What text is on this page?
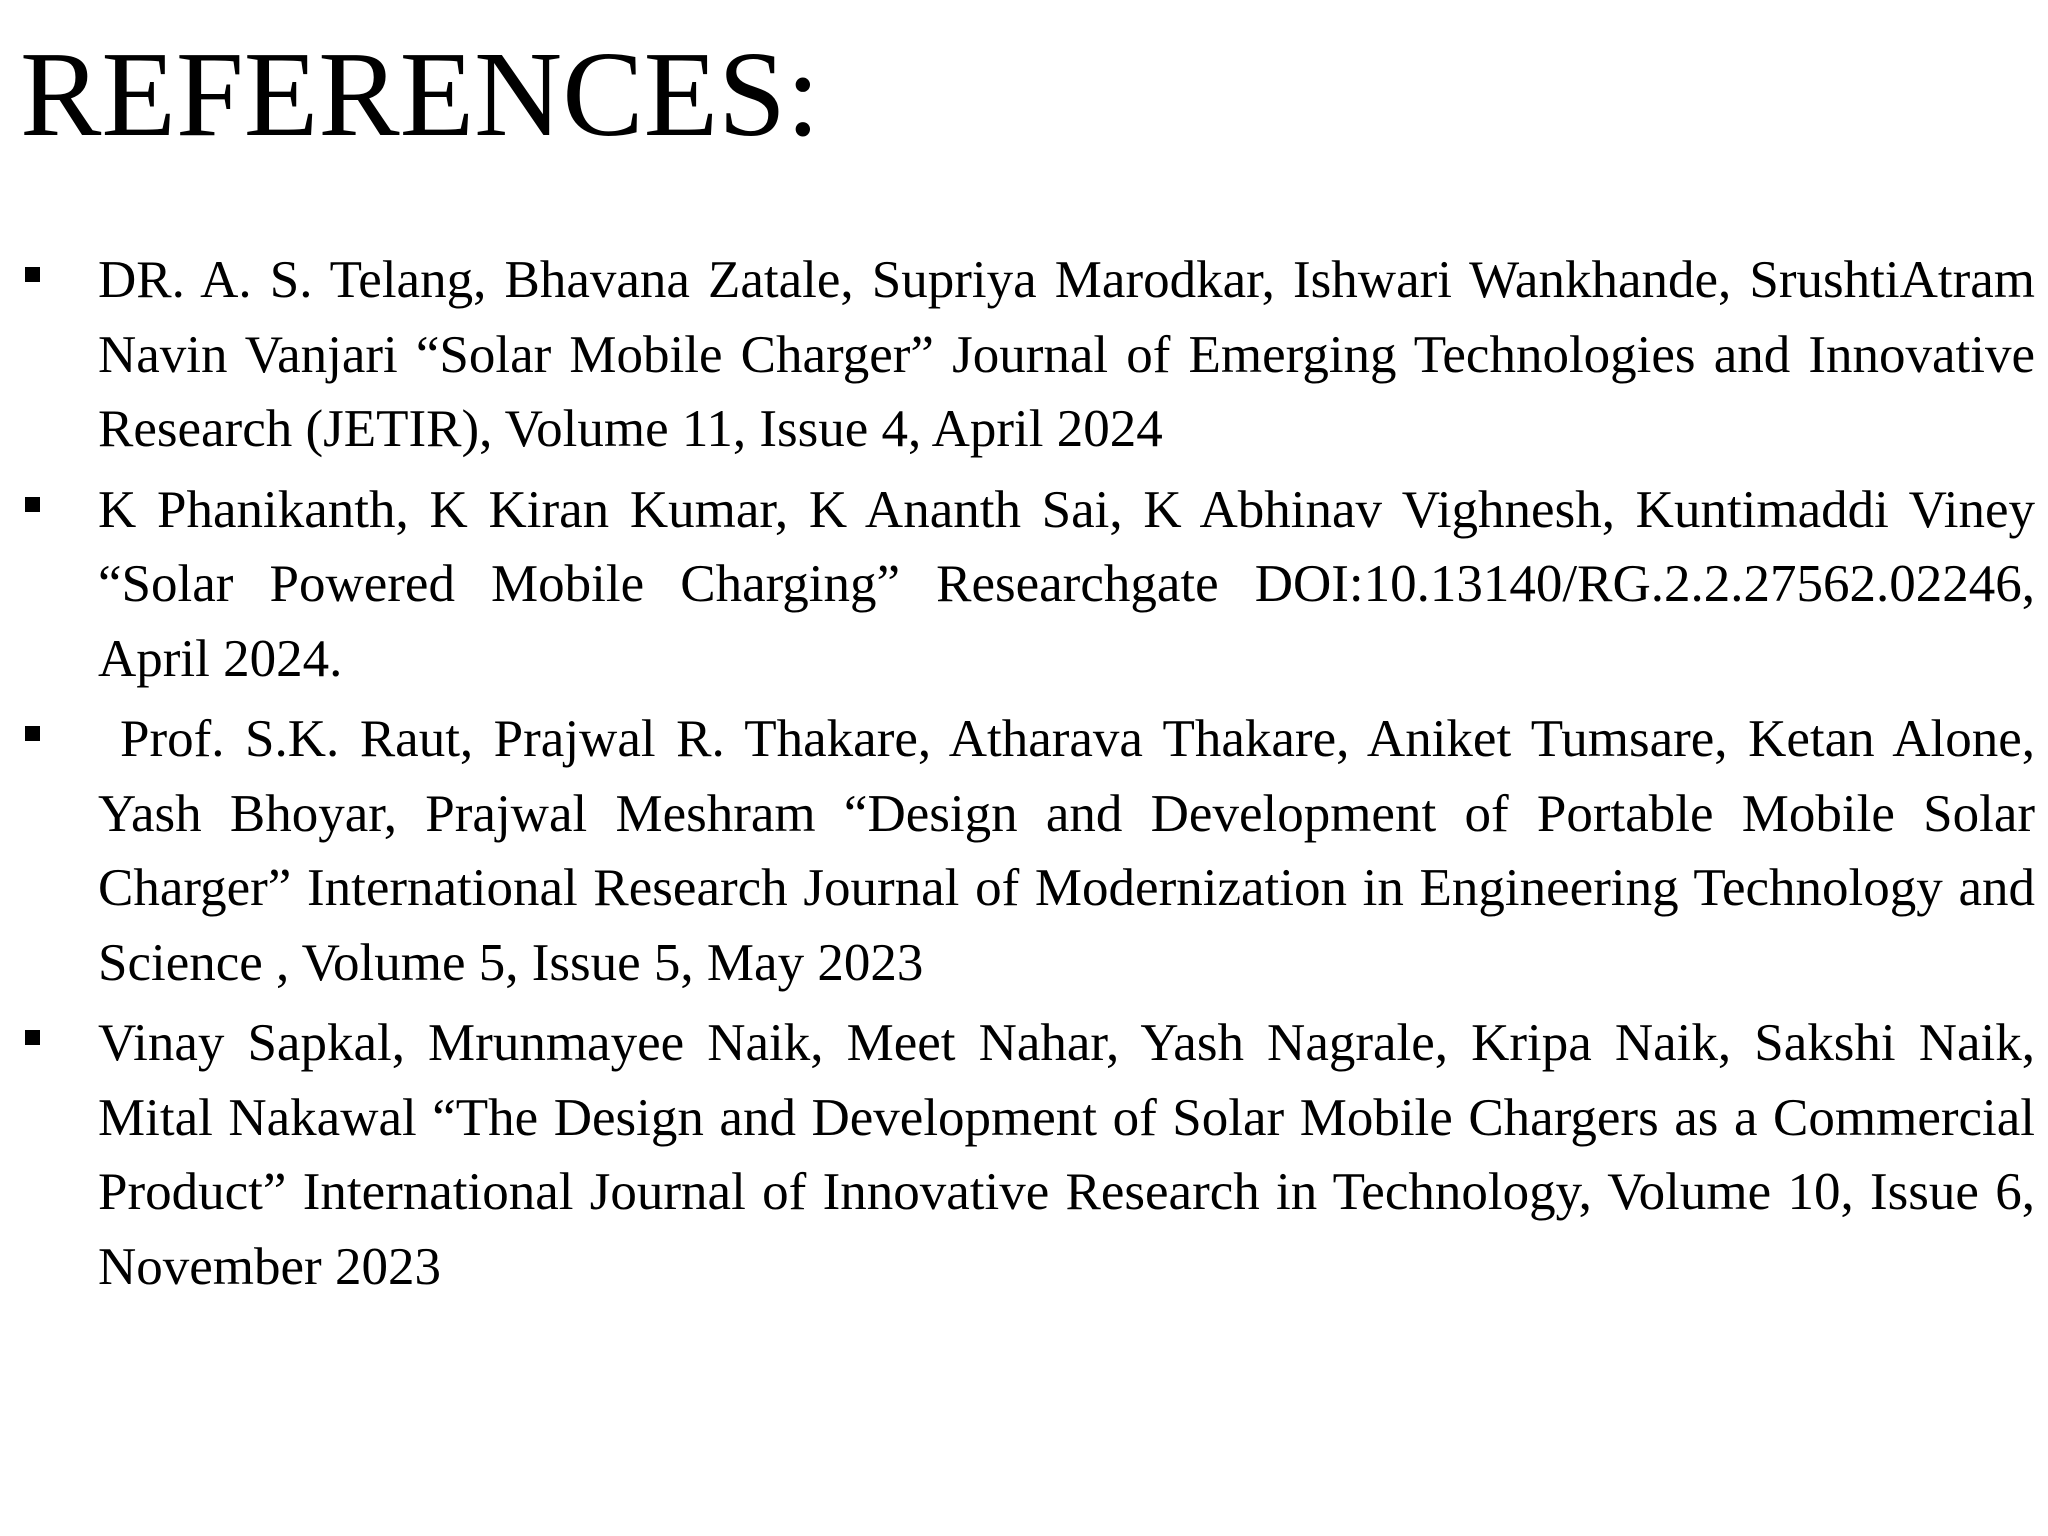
REFERENCES:
DR. A. S. Telang, Bhavana Zatale, Supriya Marodkar, Ishwari Wankhande, SrushtiAtram Navin Vanjari “Solar Mobile Charger” Journal of Emerging Technologies and Innovative Research (JETIR), Volume 11, Issue 4, April 2024
K Phanikanth, K Kiran Kumar, K Ananth Sai, K Abhinav Vighnesh, Kuntimaddi Viney “Solar Powered Mobile Charging” Researchgate DOI:10.13140/RG.2.2.27562.02246, April 2024.
Prof. S.K. Raut, Prajwal R. Thakare, Atharava Thakare, Aniket Tumsare, Ketan Alone, Yash Bhoyar, Prajwal Meshram “Design and Development of Portable Mobile Solar Charger” International Research Journal of Modernization in Engineering Technology and Science , Volume 5, Issue 5, May 2023
Vinay Sapkal, Mrunmayee Naik, Meet Nahar, Yash Nagrale, Kripa Naik, Sakshi Naik, Mital Nakawal “The Design and Development of Solar Mobile Chargers as a Commercial Product” International Journal of Innovative Research in Technology, Volume 10, Issue 6, November 2023
